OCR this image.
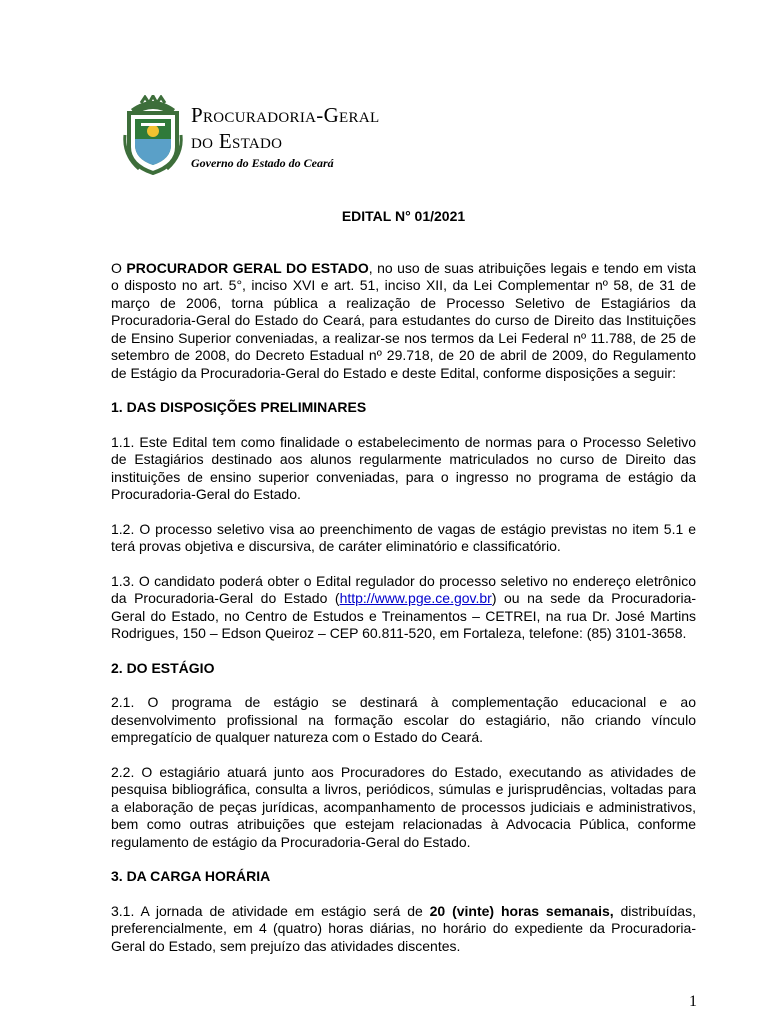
Procuradoria-Geral
do Estado
Governo do Estado do Ceará
EDITAL N° 01/2021

O PROCURADOR GERAL DO ESTADO, no uso de suas atribuições legais e tendo em vista o disposto no art. 5°, inciso XVI e art. 51, inciso XII, da Lei Complementar nº 58, de 31 de março de 2006, torna pública a realização de Processo Seletivo de Estagiários da Procuradoria-Geral do Estado do Ceará, para estudantes do curso de Direito das Instituições de Ensino Superior conveniadas, a realizar-se nos termos da Lei Federal nº 11.788, de 25 de setembro de 2008, do Decreto Estadual nº 29.718, de 20 de abril de 2009, do Regulamento de Estágio da Procuradoria-Geral do Estado e deste Edital, conforme disposições a seguir:

1. DAS DISPOSIÇÕES PRELIMINARES

1.1. Este Edital tem como finalidade o estabelecimento de normas para o Processo Seletivo de Estagiários destinado aos alunos regularmente matriculados no curso de Direito das instituições de ensino superior conveniadas, para o ingresso no programa de estágio da Procuradoria-Geral do Estado.

1.2. O processo seletivo visa ao preenchimento de vagas de estágio previstas no item 5.1 e terá provas objetiva e discursiva, de caráter eliminatório e classificatório.

1.3. O candidato poderá obter o Edital regulador do processo seletivo no endereço eletrônico da Procuradoria-Geral do Estado (http://www.pge.ce.gov.br) ou na sede da Procuradoria-Geral do Estado, no Centro de Estudos e Treinamentos – CETREI, na rua Dr. José Martins Rodrigues, 150 – Edson Queiroz – CEP 60.811-520, em Fortaleza, telefone: (85) 3101-3658.

2. DO ESTÁGIO

2.1. O programa de estágio se destinará à complementação educacional e ao desenvolvimento profissional na formação escolar do estagiário, não criando vínculo empregatício de qualquer natureza com o Estado do Ceará.

2.2. O estagiário atuará junto aos Procuradores do Estado, executando as atividades de pesquisa bibliográfica, consulta a livros, periódicos, súmulas e jurisprudências, voltadas para a elaboração de peças jurídicas, acompanhamento de processos judiciais e administrativos, bem como outras atribuições que estejam relacionadas à Advocacia Pública, conforme regulamento de estágio da Procuradoria-Geral do Estado.

3. DA CARGA HORÁRIA

3.1. A jornada de atividade em estágio será de 20 (vinte) horas semanais, distribuídas, preferencialmente, em 4 (quatro) horas diárias, no horário do expediente da Procuradoria-Geral do Estado, sem prejuízo das atividades discentes.

1
